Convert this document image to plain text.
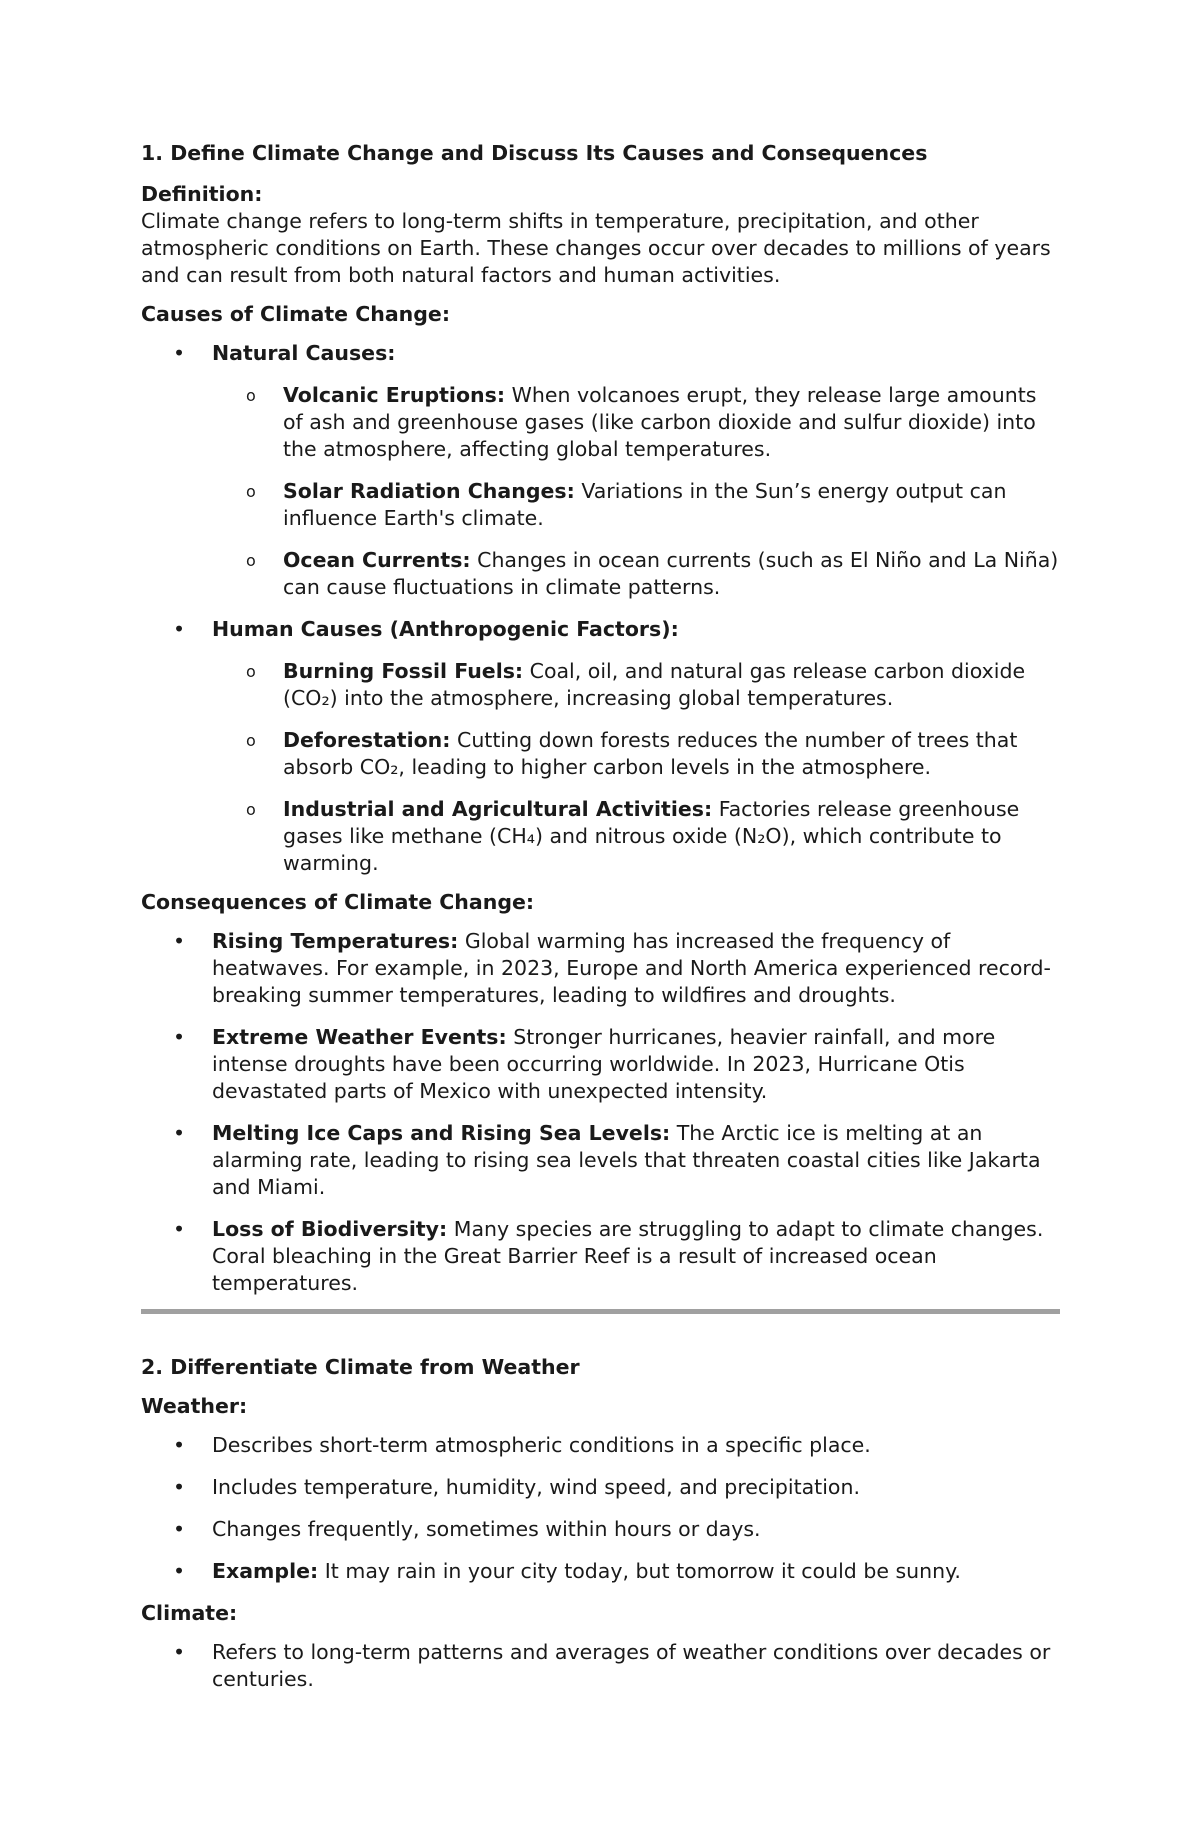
1. Define Climate Change and Discuss Its Causes and Consequences
Definition:
Climate change refers to long-term shifts in temperature, precipitation, and other atmospheric conditions on Earth. These changes occur over decades to millions of years and can result from both natural factors and human activities.
Causes of Climate Change:
• Natural Causes:
o Volcanic Eruptions: When volcanoes erupt, they release large amounts of ash and greenhouse gases (like carbon dioxide and sulfur dioxide) into the atmosphere, affecting global temperatures.
o Solar Radiation Changes: Variations in the Sun’s energy output can influence Earth's climate.
o Ocean Currents: Changes in ocean currents (such as El Niño and La Niña) can cause fluctuations in climate patterns.
• Human Causes (Anthropogenic Factors):
o Burning Fossil Fuels: Coal, oil, and natural gas release carbon dioxide (CO₂) into the atmosphere, increasing global temperatures.
o Deforestation: Cutting down forests reduces the number of trees that absorb CO₂, leading to higher carbon levels in the atmosphere.
o Industrial and Agricultural Activities: Factories release greenhouse gases like methane (CH₄) and nitrous oxide (N₂O), which contribute to warming.
Consequences of Climate Change:
• Rising Temperatures: Global warming has increased the frequency of heatwaves. For example, in 2023, Europe and North America experienced record-breaking summer temperatures, leading to wildfires and droughts.
• Extreme Weather Events: Stronger hurricanes, heavier rainfall, and more intense droughts have been occurring worldwide. In 2023, Hurricane Otis devastated parts of Mexico with unexpected intensity.
• Melting Ice Caps and Rising Sea Levels: The Arctic ice is melting at an alarming rate, leading to rising sea levels that threaten coastal cities like Jakarta and Miami.
• Loss of Biodiversity: Many species are struggling to adapt to climate changes. Coral bleaching in the Great Barrier Reef is a result of increased ocean temperatures.
2. Differentiate Climate from Weather
Weather:
• Describes short-term atmospheric conditions in a specific place.
• Includes temperature, humidity, wind speed, and precipitation.
• Changes frequently, sometimes within hours or days.
• Example: It may rain in your city today, but tomorrow it could be sunny.
Climate:
• Refers to long-term patterns and averages of weather conditions over decades or centuries.
